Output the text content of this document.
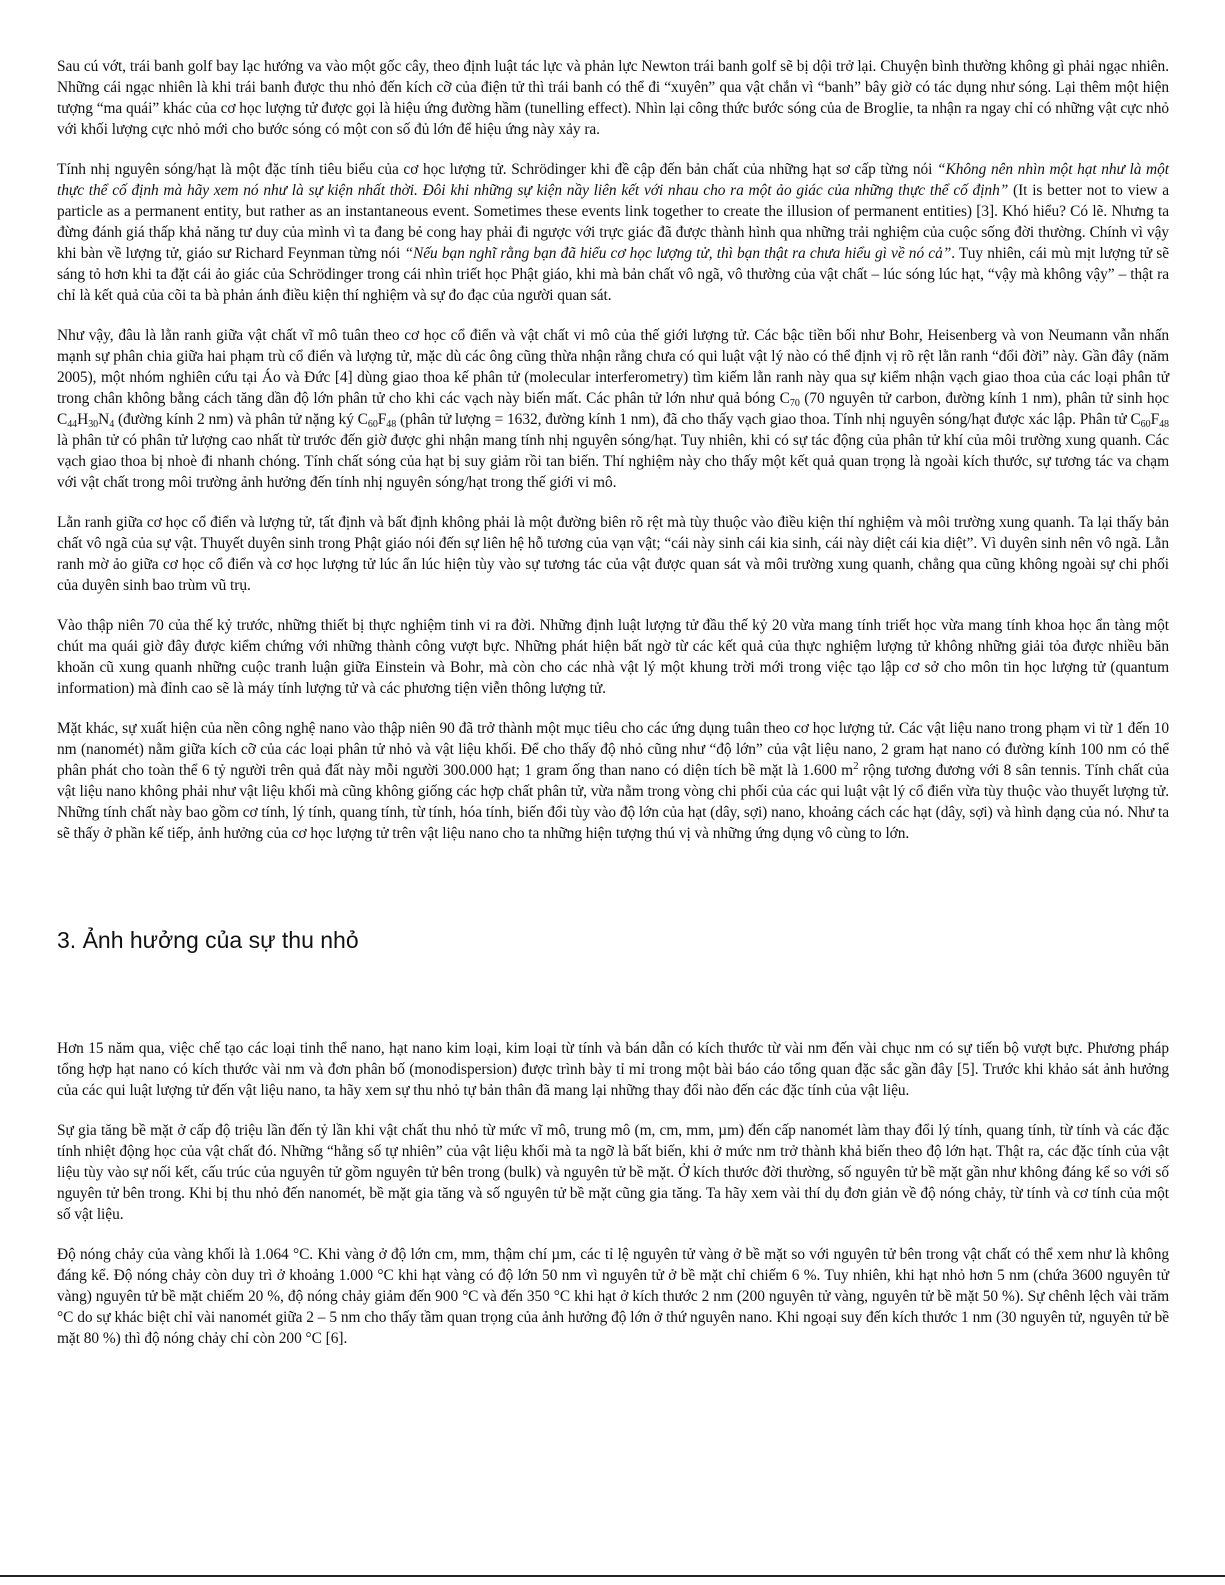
Sau cú vớt, trái banh golf bay lạc hướng va vào một gốc cây, theo định luật tác lực và phản lực Newton trái banh golf sẽ bị dội trở lại. Chuyện bình thường không gì phải ngạc nhiên. Những cái ngạc nhiên là khi trái banh được thu nhỏ đến kích cỡ của điện tử thì trái banh có thể đi “xuyên” qua vật chắn vì “banh” bây giờ có tác dụng như sóng. Lại thêm một hiện tượng “ma quái” khác của cơ học lượng tử được gọi là hiệu ứng đường hầm (tunelling effect). Nhìn lại công thức bước sóng của de Broglie, ta nhận ra ngay chỉ có những vật cực nhỏ với khối lượng cực nhỏ mới cho bước sóng có một con số đủ lớn để hiệu ứng này xảy ra.

Tính nhị nguyên sóng/hạt là một đặc tính tiêu biểu của cơ học lượng tử. Schrödinger khi đề cập đến bản chất của những hạt sơ cấp từng nói “Không nên nhìn một hạt như là một thực thể cố định mà hãy xem nó như là sự kiện nhất thời. Đôi khi những sự kiện nầy liên kết với nhau cho ra một ảo giác của những thực thể cố định” (It is better not to view a particle as a permanent entity, but rather as an instantaneous event. Sometimes these events link together to create the illusion of permanent entities) [3]. Khó hiểu? Có lẽ. Nhưng ta đừng đánh giá thấp khả năng tư duy của mình vì ta đang bẻ cong hay phải đi ngược với trực giác đã được thành hình qua những trải nghiệm của cuộc sống đời thường. Chính vì vậy khi bàn về lượng tử, giáo sư Richard Feynman từng nói “Nếu bạn nghĩ rằng bạn đã hiểu cơ học lượng tử, thì bạn thật ra chưa hiểu gì về nó cả”. Tuy nhiên, cái mù mịt lượng tử sẽ sáng tỏ hơn khi ta đặt cái ảo giác của Schrödinger trong cái nhìn triết học Phật giáo, khi mà bản chất vô ngã, vô thường của vật chất – lúc sóng lúc hạt, “vậy mà không vậy” – thật ra chỉ là kết quả của cõi ta bà phản ánh điều kiện thí nghiệm và sự đo đạc của người quan sát.

Như vậy, đâu là lằn ranh giữa vật chất vĩ mô tuân theo cơ học cổ điển và vật chất vi mô của thế giới lượng tử. Các bậc tiền bối như Bohr, Heisenberg và von Neumann vẫn nhấn mạnh sự phân chia giữa hai phạm trù cổ điển và lượng tử, mặc dù các ông cũng thừa nhận rằng chưa có qui luật vật lý nào có thể định vị rõ rệt lằn ranh “đổi đời” này. Gần đây (năm 2005), một nhóm nghiên cứu tại Áo và Đức [4] dùng giao thoa kế phân tử (molecular interferometry) tìm kiếm lằn ranh này qua sự kiểm nhận vạch giao thoa của các loại phân tử trong chân không bằng cách tăng dần độ lớn phân tử cho khi các vạch này biến mất. Các phân tử lớn như quả bóng $C_{70}$ (70 nguyên tử carbon, đường kính 1 nm), phân tử sinh học $C_{44}H_{30}N_4$ (đường kính 2 nm) và phân tử nặng ký $C_{60}F_{48}$ (phân tử lượng = 1632, đường kính 1 nm), đã cho thấy vạch giao thoa. Tính nhị nguyên sóng/hạt được xác lập. Phân tử $C_{60}F_{48}$ là phân tử có phân tử lượng cao nhất từ trước đến giờ được ghi nhận mang tính nhị nguyên sóng/hạt. Tuy nhiên, khi có sự tác động của phân tử khí của môi trường xung quanh. Các vạch giao thoa bị nhoè đi nhanh chóng. Tính chất sóng của hạt bị suy giảm rồi tan biến. Thí nghiệm này cho thấy một kết quả quan trọng là ngoài kích thước, sự tương tác va chạm với vật chất trong môi trường ảnh hưởng đến tính nhị nguyên sóng/hạt trong thế giới vi mô.

Lằn ranh giữa cơ học cổ điển và lượng tử, tất định và bất định không phải là một đường biên rõ rệt mà tùy thuộc vào điều kiện thí nghiệm và môi trường xung quanh. Ta lại thấy bản chất vô ngã của sự vật. Thuyết duyên sinh trong Phật giáo nói đến sự liên hệ hỗ tương của vạn vật; “cái này sinh cái kia sinh, cái này diệt cái kia diệt”. Vì duyên sinh nên vô ngã. Lằn ranh mờ ảo giữa cơ học cổ điển và cơ học lượng tử lúc ẩn lúc hiện tùy vào sự tương tác của vật được quan sát và môi trường xung quanh, chẳng qua cũng không ngoài sự chi phối của duyên sinh bao trùm vũ trụ.

Vào thập niên 70 của thế kỷ trước, những thiết bị thực nghiệm tinh vi ra đời. Những định luật lượng tử đầu thế kỷ 20 vừa mang tính triết học vừa mang tính khoa học ẩn tàng một chút ma quái giờ đây được kiểm chứng với những thành công vượt bực. Những phát hiện bất ngờ từ các kết quả của thực nghiệm lượng tử không những giải tỏa được nhiều băn khoăn cũ xung quanh những cuộc tranh luận giữa Einstein và Bohr, mà còn cho các nhà vật lý một khung trời mới trong việc tạo lập cơ sở cho môn tin học lượng tử (quantum information) mà đỉnh cao sẽ là máy tính lượng tử và các phương tiện viễn thông lượng tử.

Mặt khác, sự xuất hiện của nền công nghệ nano vào thập niên 90 đã trở thành một mục tiêu cho các ứng dụng tuân theo cơ học lượng tử. Các vật liệu nano trong phạm vi từ 1 đến 10 nm (nanomét) nằm giữa kích cỡ của các loại phân tử nhỏ và vật liệu khối. Để cho thấy độ nhỏ cũng như “độ lớn” của vật liệu nano, 2 gram hạt nano có đường kính 100 nm có thể phân phát cho toàn thể 6 tỷ người trên quả đất này mỗi người 300.000 hạt; 1 gram ống than nano có diện tích bề mặt là 1.600 $m^2$ rộng tương đương với 8 sân tennis. Tính chất của vật liệu nano không phải như vật liệu khối mà cũng không giống các hợp chất phân tử, vừa nằm trong vòng chi phối của các qui luật vật lý cổ điển vừa tùy thuộc vào thuyết lượng tử. Những tính chất này bao gồm cơ tính, lý tính, quang tính, từ tính, hóa tính, biến đổi tùy vào độ lớn của hạt (dây, sợi) nano, khoảng cách các hạt (dây, sợi) và hình dạng của nó. Như ta sẽ thấy ở phần kế tiếp, ảnh hưởng của cơ học lượng tử trên vật liệu nano cho ta những hiện tượng thú vị và những ứng dụng vô cùng to lớn.

3. Ảnh hưởng của sự thu nhỏ

Hơn 15 năm qua, việc chế tạo các loại tinh thể nano, hạt nano kim loại, kim loại từ tính và bán dẫn có kích thước từ vài nm đến vài chục nm có sự tiến bộ vượt bực. Phương pháp tổng hợp hạt nano có kích thước vài nm và đơn phân bố (monodispersion) được trình bày tỉ mỉ trong một bài báo cáo tổng quan đặc sắc gần đây [5]. Trước khi khảo sát ảnh hưởng của các qui luật lượng tử đến vật liệu nano, ta hãy xem sự thu nhỏ tự bản thân đã mang lại những thay đổi nào đến các đặc tính của vật liệu.

Sự gia tăng bề mặt ở cấp độ triệu lần đến tỷ lần khi vật chất thu nhỏ từ mức vĩ mô, trung mô (m, cm, mm, µm) đến cấp nanomét làm thay đổi lý tính, quang tính, từ tính và các đặc tính nhiệt động học của vật chất đó. Những “hằng số tự nhiên” của vật liệu khối mà ta ngỡ là bất biến, khi ở mức nm trở thành khả biến theo độ lớn hạt. Thật ra, các đặc tính của vật liệu tùy vào sự nối kết, cấu trúc của nguyên tử gồm nguyên tử bên trong (bulk) và nguyên tử bề mặt. Ở kích thước đời thường, số nguyên tử bề mặt gần như không đáng kể so với số nguyên tử bên trong. Khi bị thu nhỏ đến nanomét, bề mặt gia tăng và số nguyên tử bề mặt cũng gia tăng. Ta hãy xem vài thí dụ đơn giản về độ nóng chảy, từ tính và cơ tính của một số vật liệu.

Độ nóng chảy của vàng khối là 1.064 °C. Khi vàng ở độ lớn cm, mm, thậm chí µm, các tỉ lệ nguyên tử vàng ở bề mặt so với nguyên tử bên trong vật chất có thể xem như là không đáng kể. Độ nóng chảy còn duy trì ở khoảng 1.000 °C khi hạt vàng có độ lớn 50 nm vì nguyên tử ở bề mặt chỉ chiếm 6 %. Tuy nhiên, khi hạt nhỏ hơn 5 nm (chứa 3600 nguyên tử vàng) nguyên tử bề mặt chiếm 20 %, độ nóng chảy giảm đến 900 °C và đến 350 °C khi hạt ở kích thước 2 nm (200 nguyên tử vàng, nguyên tử bề mặt 50 %). Sự chênh lệch vài trăm °C do sự khác biệt chỉ vài nanomét giữa 2 – 5 nm cho thấy tầm quan trọng của ảnh hưởng độ lớn ở thứ nguyên nano. Khi ngoại suy đến kích thước 1 nm (30 nguyên tử, nguyên tử bề mặt 80 %) thì độ nóng chảy chỉ còn 200 °C [6].
